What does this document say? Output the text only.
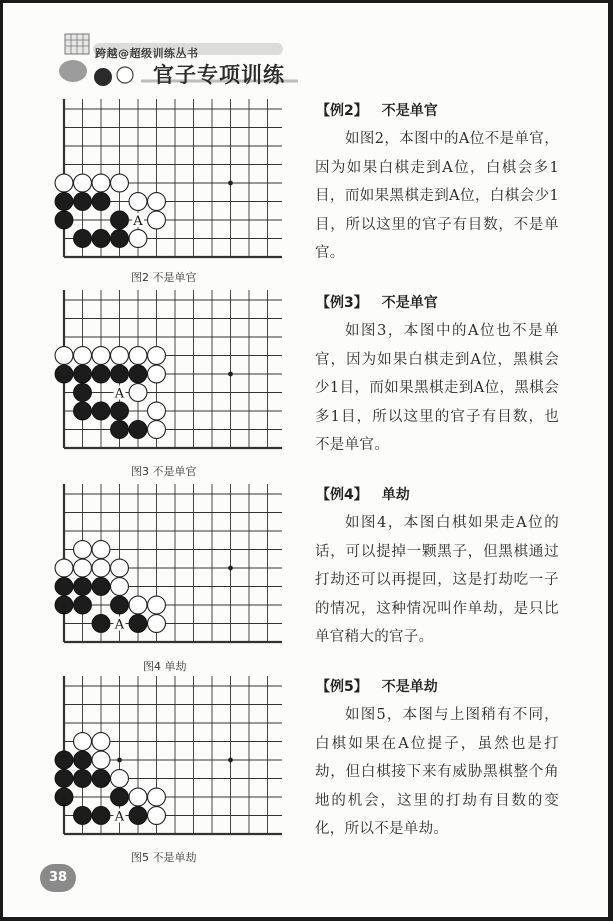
跨越@超级训练丛书
官子专项训练
A
图2 不是单官
A
图3 不是单官
A
图4 单劫
A
图5 不是单劫
【例2】 不是单官
如图2，本图中的A位不是单官，因为如果白棋走到A位，白棋会多1目，而如果黑棋走到A位，白棋会少1目，所以这里的官子有目数，不是单官。
【例3】 不是单官
如图3，本图中的A位也不是单官，因为如果白棋走到A位，黑棋会少1目，而如果黑棋走到A位，黑棋会多1目，所以这里的官子有目数，也不是单官。
【例4】 单劫
如图4，本图白棋如果走A位的话，可以提掉一颗黑子，但黑棋通过打劫还可以再提回，这是打劫吃一子的情况，这种情况叫作单劫，是只比单官稍大的官子。
【例5】 不是单劫
如图5，本图与上图稍有不同，白棋如果在A位提子，虽然也是打劫，但白棋接下来有威胁黑棋整个角地的机会，这里的打劫有目数的变化，所以不是单劫。
38
